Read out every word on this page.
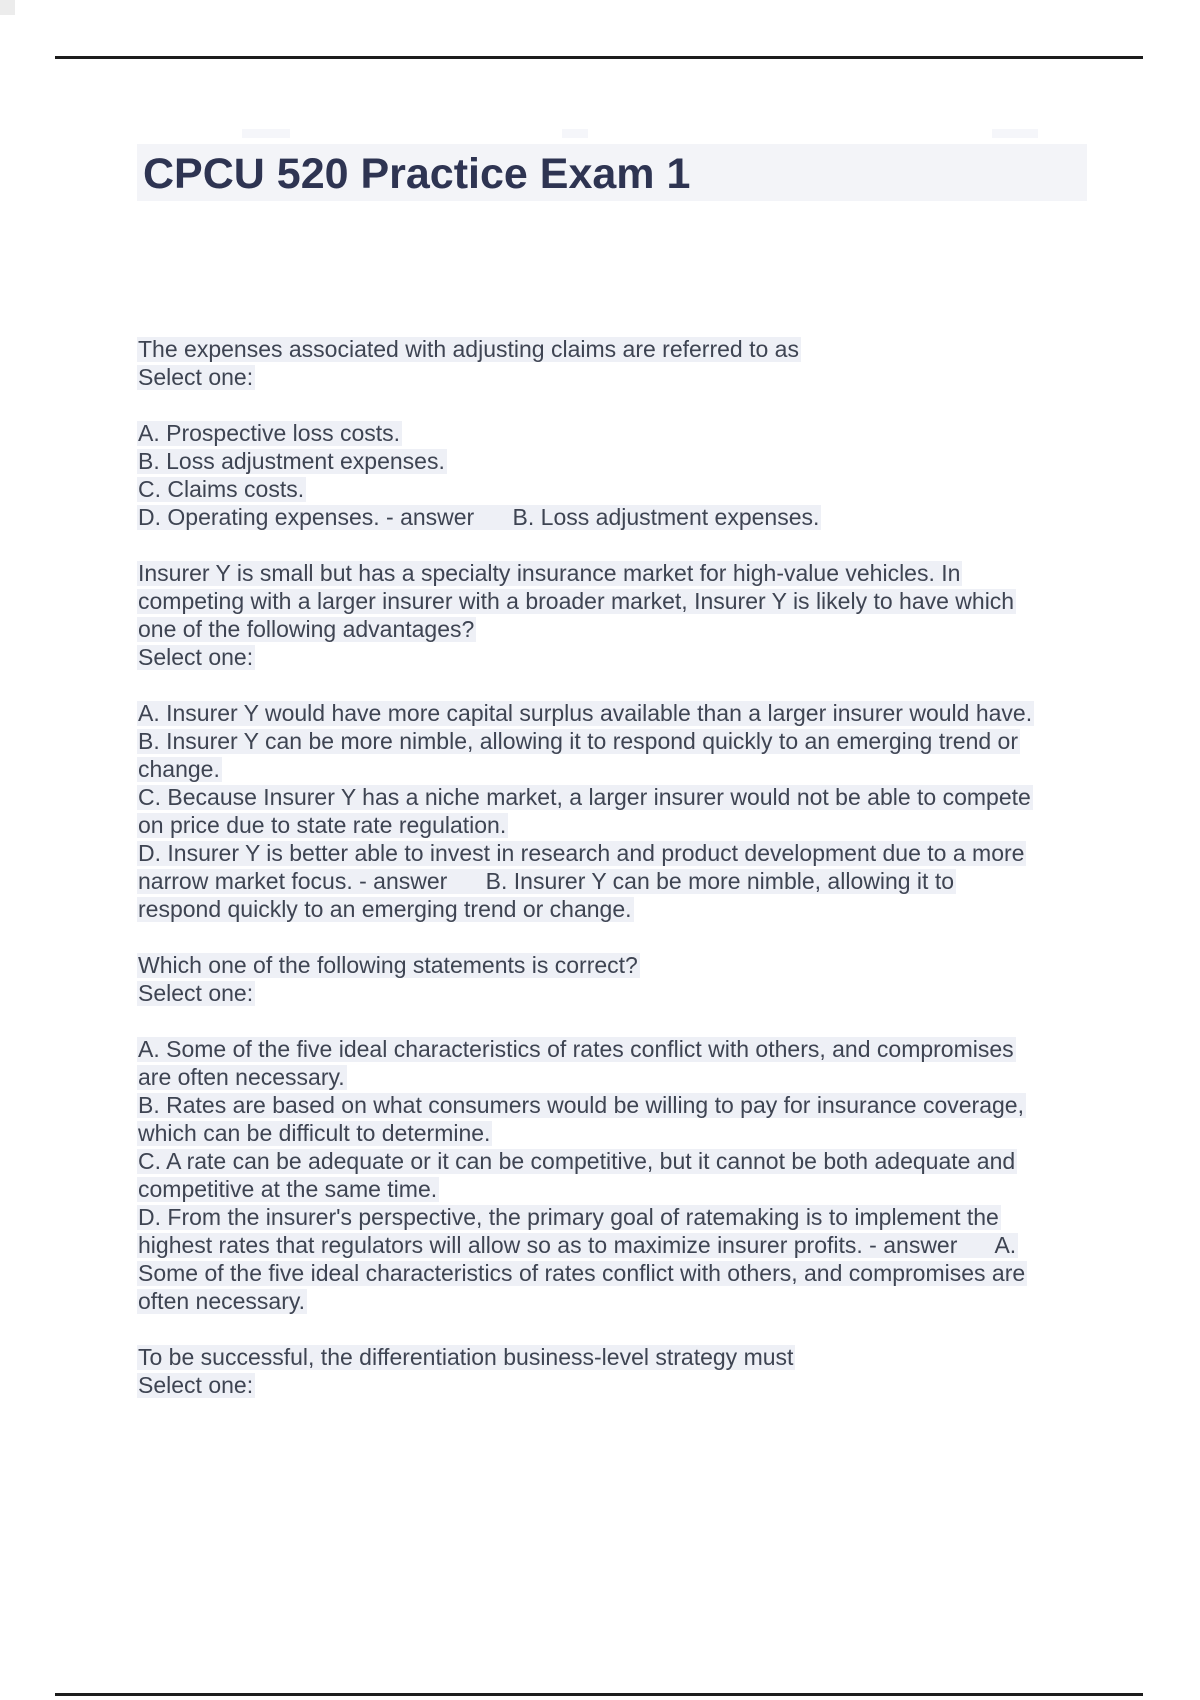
CPCU 520 Practice Exam 1
The expenses associated with adjusting claims are referred to as
Select one:
A. Prospective loss costs.
B. Loss adjustment expenses.
C. Claims costs.
D. Operating expenses. - answer      B. Loss adjustment expenses.
Insurer Y is small but has a specialty insurance market for high-value vehicles. In
competing with a larger insurer with a broader market, Insurer Y is likely to have which
one of the following advantages?
Select one:
A. Insurer Y would have more capital surplus available than a larger insurer would have.
B. Insurer Y can be more nimble, allowing it to respond quickly to an emerging trend or
change.
C. Because Insurer Y has a niche market, a larger insurer would not be able to compete
on price due to state rate regulation.
D. Insurer Y is better able to invest in research and product development due to a more
narrow market focus. - answer      B. Insurer Y can be more nimble, allowing it to
respond quickly to an emerging trend or change.
Which one of the following statements is correct?
Select one:
A. Some of the five ideal characteristics of rates conflict with others, and compromises
are often necessary.
B. Rates are based on what consumers would be willing to pay for insurance coverage,
which can be difficult to determine.
C. A rate can be adequate or it can be competitive, but it cannot be both adequate and
competitive at the same time.
D. From the insurer's perspective, the primary goal of ratemaking is to implement the
highest rates that regulators will allow so as to maximize insurer profits. - answer      A.
Some of the five ideal characteristics of rates conflict with others, and compromises are
often necessary.
To be successful, the differentiation business-level strategy must
Select one:
